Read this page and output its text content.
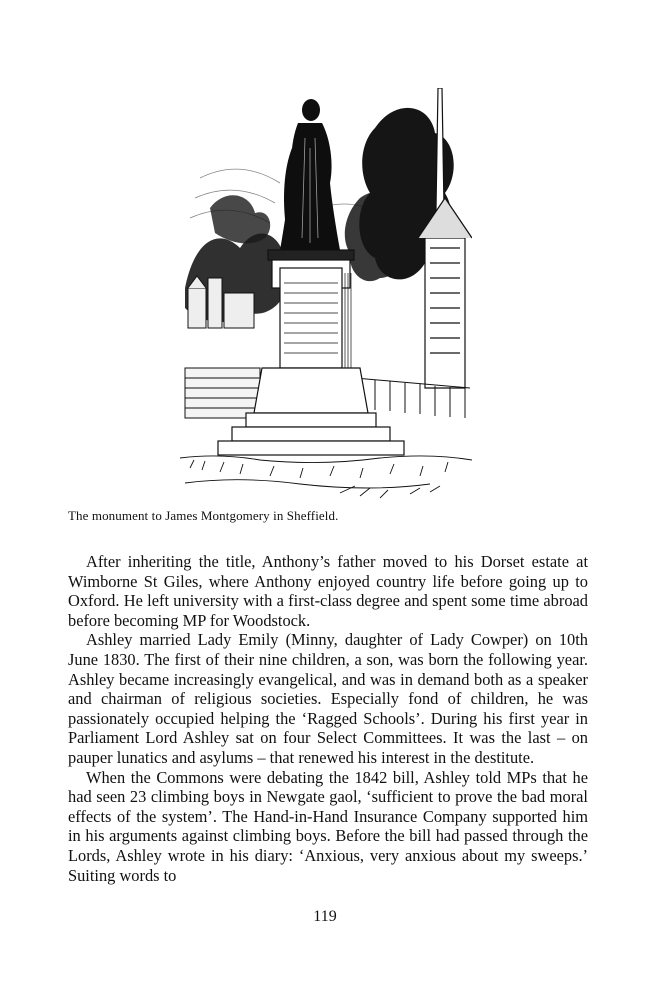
The monument to James Montgomery in Sheffield.

After inheriting the title, Anthony’s father moved to his Dorset estate at Wimborne St Giles, where Anthony enjoyed country life before going up to Oxford. He left university with a first-class degree and spent some time abroad before becoming MP for Woodstock.

Ashley married Lady Emily (Minny, daughter of Lady Cowper) on 10th June 1830. The first of their nine children, a son, was born the following year. Ashley became increasingly evangelical, and was in demand both as a speaker and chairman of religious societies. Especially fond of children, he was passionately occupied helping the ‘Ragged Schools’. During his first year in Parliament Lord Ashley sat on four Select Committees. It was the last – on pauper lunatics and asylums – that renewed his interest in the destitute.

When the Commons were debating the 1842 bill, Ashley told MPs that he had seen 23 climbing boys in Newgate gaol, ‘sufficient to prove the bad moral effects of the system’. The Hand-in-Hand Insurance Company supported him in his arguments against climbing boys. Before the bill had passed through the Lords, Ashley wrote in his diary: ‘Anxious, very anxious about my sweeps.’ Suiting words to

119
